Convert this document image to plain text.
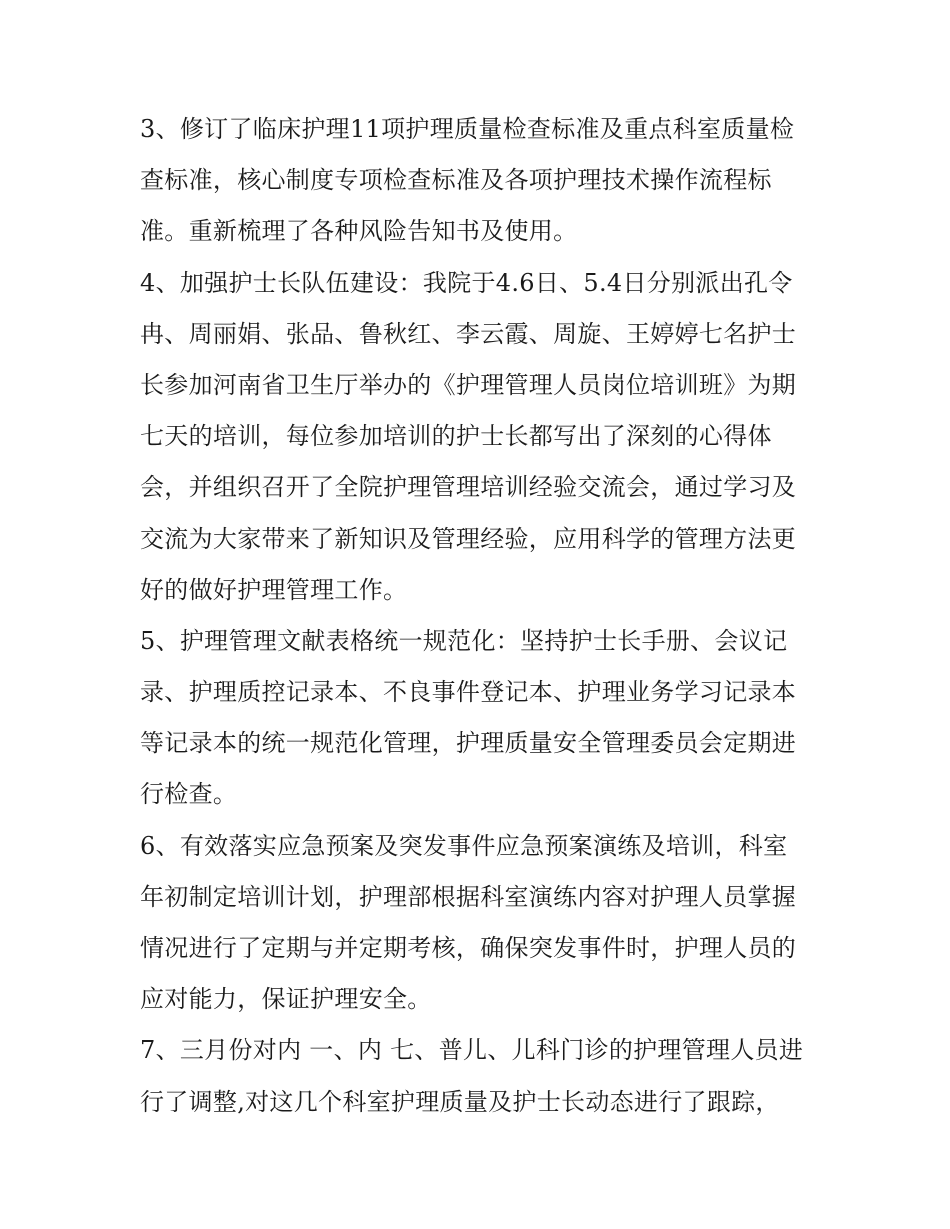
3、修订了临床护理11项护理质量检查标准及重点科室质量检
查标准，核心制度专项检查标准及各项护理技术操作流程标
准。重新梳理了各种风险告知书及使用。
4、加强护士长队伍建设：我院于4.6日、5.4日分别派出孔令
冉、周丽娟、张品、鲁秋红、李云霞、周旋、王婷婷七名护士
长参加河南省卫生厅举办的《护理管理人员岗位培训班》为期
七天的培训，每位参加培训的护士长都写出了深刻的心得体
会，并组织召开了全院护理管理培训经验交流会，通过学习及
交流为大家带来了新知识及管理经验，应用科学的管理方法更
好的做好护理管理工作。
5、护理管理文献表格统一规范化：坚持护士长手册、会议记
录、护理质控记录本、不良事件登记本、护理业务学习记录本
等记录本的统一规范化管理，护理质量安全管理委员会定期进
行检查。
6、有效落实应急预案及突发事件应急预案演练及培训，科室
年初制定培训计划，护理部根据科室演练内容对护理人员掌握
情况进行了定期与并定期考核，确保突发事件时，护理人员的
应对能力，保证护理安全。
7、三月份对内 一、内 七、普儿、儿科门诊的护理管理人员进
行了调整,对这几个科室护理质量及护士长动态进行了跟踪，
